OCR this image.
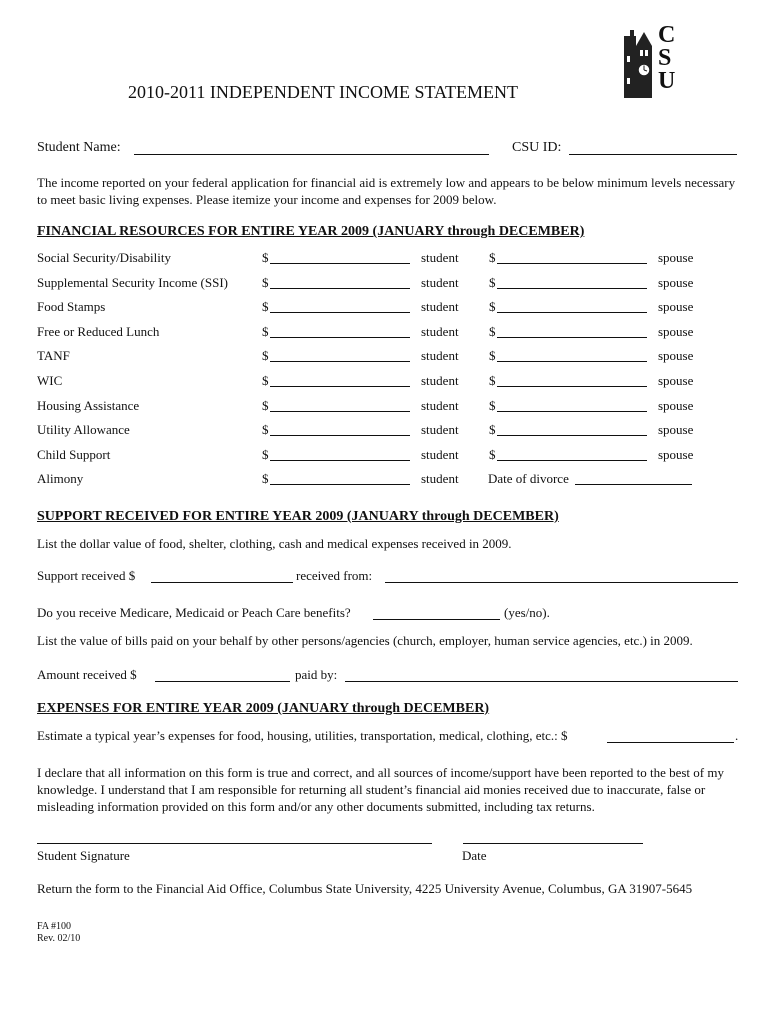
C
S
U
2010-2011 INDEPENDENT INCOME STATEMENT
Student Name:	CSU ID:
The income reported on your federal application for financial aid is extremely low and appears to be below minimum levels necessary to meet basic living expenses. Please itemize your income and expenses for 2009 below.
FINANCIAL RESOURCES FOR ENTIRE YEAR 2009 (JANUARY through DECEMBER)
Social Security/Disability	$	student $	spouse
Supplemental Security Income (SSI)	$	student $	spouse
Food Stamps	$	student $	spouse
Free or Reduced Lunch	$	student $	spouse
TANF	$	student $	spouse
WIC	$	student $	spouse
Housing Assistance	$	student $	spouse
Utility Allowance	$	student $	spouse
Child Support	$	student $	spouse
Alimony	$	student Date of divorce
SUPPORT RECEIVED FOR ENTIRE YEAR 2009 (JANUARY through DECEMBER)
List the dollar value of food, shelter, clothing, cash and medical expenses received in 2009.
Support received $	received from:
Do you receive Medicare, Medicaid or Peach Care benefits?	(yes/no).
List the value of bills paid on your behalf by other persons/agencies (church, employer, human service agencies, etc.) in 2009.
Amount received $	paid by:
EXPENSES FOR ENTIRE YEAR 2009 (JANUARY through DECEMBER)
Estimate a typical year’s expenses for food, housing, utilities, transportation, medical, clothing, etc.: $	.
I declare that all information on this form is true and correct, and all sources of income/support have been reported to the best of my knowledge. I understand that I am responsible for returning all student’s financial aid monies received due to inaccurate, false or misleading information provided on this form and/or any other documents submitted, including tax returns.
Student Signature	Date
Return the form to the Financial Aid Office, Columbus State University, 4225 University Avenue, Columbus, GA 31907-5645
FA #100
Rev. 02/10
